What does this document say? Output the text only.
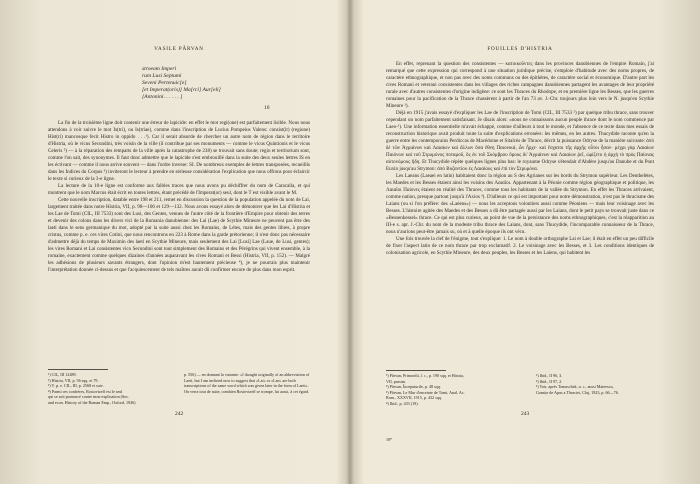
VASILE PÂRVAN
stroeam Imperi
rum Lusi Septumi
Seveni Pertenuic[e]
[et Imperat(oris)] Ma[rci] Aur[eli]
[Antonini. . . . . . ]
10

La fin de la troisième ligne doit contenir une érreur de lapicide: en effet le mot regi(one) est parfaitement lisible. Nous nous attendons à voir suivre le mot Is(tri), ou Is(triae), comme dans l'inscription de Lucius Pompeius Valens: consist(it) (regione) Hist(ri) mancosque fecit Histro in oppido . . .¹). Car il serait absurde de chercher un autre nom de région dans le territoire d'Histria, où le vicus Secundini, très voisin de la ville (il contribue par ses monuments — comme le vicus Quintionis et le vicus Celeris ²) — à la réparation des remparts de la ville après la catastrophe de 238) se trouvait sans doute; regio et territorium sont, comme l'on sait, des synonymes. Il faut donc admettre que le lapicide s'est embrouillé dans la suite des deux seules lettres IS en les écrivant — comme il nous arrive souvent — dans l'ordre inverse: SI. De nombreux exemples de lettres transposées, recueillis dans les Indices du Corpus ³) inviteront le lecteur à prendre en sérieuse considération l'explication que nous offrons pour éclaircir le texte si curieux de la 3-e ligne.

La lecture de la 10-e ligne est conforme aux faibles traces que nous avons pu déchiffrer du nom de Caracalla, et qui montrent que le nom Marcus était écrit en toutes lettres, étant précédé de l'Imperat(or) seul, dont le T est visible avant le M.

Cette nouvelle inscription, datable entre 198 et 211, remet en discussion la question de la population appelée du nom de Lai, largement traitée dans notre Histria, VII, p. 98—106 et 129—132. Nous avons essayé alors de démontrer que les Lai d'Histria et les Lae de Tomi (CIL, III 7533) sont des Lusi, des Gentes, venues de l'autre côté de la frontière d'Empire pour obtenir des terres et devenir des colons dans les divers vici de la Romania danubienne: des Lai (Lae) de Scythie Mineure ne peuvent pas être des laeti dans le sens germanique du mot, adopté par la suite aussi chez les Romains, de Létes, mais des gentes libres, à propre cristus, comme p. e. ces vires Cotini, que nous rencontrons en 223 à Rome dans la garde prétorienne; il n'est donc pas nécessaire d'admettre déjà du temps de Maximin des laeti en Scythie Mineure, mais seulement des Lai [Lusi] Lae (Laue, de Lusi, gentes); les vires Romani et Lai consistentes vico Secundini sont tout simplement des Romains et des Pérégrins qui vivent ensemble, à la romaine, exactement comme quelques dizaines d'années auparavant les cives Romani et Bessi (Histria, VII, p. 152). — Malgré les adhésions de plusieurs savants étrangers, dont l'opinion m'est hautement précieuse ⁴), je ne pourrais plus maintenir l'interprétation donnée ci-dessus et que l'acquiescement de tels maîtres aurait dû confirmer encore de plus dans mon esprit.

¹) CIL, III 12489.
²) Histria, VII, p. 56 sqq. et 79.
³) V. p. e. CIL, III, p. 2568 et suiv.
⁴) Parmi ces confrères, Rostovtzeff est le seul
qui se soit prononcé contre mon explication (Soc.
and econ. History of the Roman Emp., Oxford, 1926)
p. 556) — en donnant la variante: «I thought originally of an abbreviation of Laeti, but I am inclined now to suggest that «Lai» or «Lae» are both transcriptions of the same word which was given later in the form of Laeti». On verra tout de suite, combien Rostovtzeff se trompe, lui aussi, à cet égard.
242
FOUILLES D'HISTRIA

En effet, reprenant la question des consistentes — κατοικοῦντες dans les provinces danubiennes de l'empire Romain, j'ai remarqué que cette expression qui correspond à une situation juridique précise, s'emploie d'habitude avec des noms propres, de caractère ethnographique, et non pas avec des noms communs ou des épithètes, de caractère social et économique. D'autre part les cives Romani et veterani consistentes dans les villages des riches campagnes danubiennes partagent les avantages de leur propriété rurale avec d'autres consistentes d'origine indigène: ce sont les Thraces du Rhodope, et en première ligne les Besses, que les guerres romaines pour la pacification de la Thrace chassèrent à partir de l'an 73 av. J.-Chr. toujours plus loin vers le N. jusqu'en Scythie Mineure ¹).

Déjà en 1915 j'avais essayé d'expliquer les Lae de l'inscription de Tomi (CIL, III 7533 ²) par quelque tribu thrace, sans trouver cependant un nom parfaitement satisfaisant. Je disais alors: «nous ne connaissons aucun peuple thrace dont le nom commence par Laeo-¹). Une information essentielle m'avait échappé, comme d'ailleurs à tout le monde, et l'absence de ce texte dans mes essais de reconstruction historique avait produit toute la suite d'explications erronées: les mêmes, en les autres. Thucydide raconte qu'en la guerre entre les contemporains Perdiccas de Macédoine et Sitalcès de Thrace, décrit la puissance Odryse de la manière suivante: ἀπὸ δὲ τῶν Ἀγριάνων καὶ Λαιαίων καὶ ἄλλων ὅσα ἔθνη Παιονικά, ὧν ἦρχε· καὶ ἔσχατοι τῆς ἀρχῆς οὗτοι ἦσαν· μέχρι γὰρ Λαιαίων Παιόνων καὶ τοῦ Στρυμόνος ποταμοῦ, ὃς ἐκ τοῦ Σκόμβρου ὄρους δι' Ἀγριάνων καὶ Λαιαίων ῥεῖ, ὡρίζετο ἡ ἀρχὴ τὸ πρὸς Παίονας αὐτονόμους ἤδη. Et Thucydide répète quelques lignes plus bas: le royaume Odryse s'étendait d'Abdère jusqu'au Danube et du Pont Euxin jusqu'au Strymon: ἀπὸ Βυζαντίου ἐς Λαιαίους καὶ ἐπὶ τὸν Στρυμόνα.

Les Laeans (Laeaei en latin) habitaient donc la région au S des Agrianes sur les bords du Strymon supérieur. Les Denthelètes, les Maedes et les Besses étaient ainsi les voisins des Λαιαῖοι. Appartenant à la Péonie comme région géographique et politique, les Λαιαῖοι Παίονες étaient en réalité des Thraces, comme tous les habitants de la vallée du Strymon. En effet les Thraces arrivaient, comme nation, presque partout jusqu'à l'Axios ³). D'ailleurs ce qui est important pour notre démonstration, n'est pas le thracisme des Laians (ou si l'on préfère: des «Laéens») — nous les acceptons volontiers aussi comme Péoniens — mais leur voisinage avec les Besses. L'histoire agitée des Maedes et des Besses a dû être partagée aussi par les Laians, dont le petit pays se trouvait juste dans ce «Bessenkessel» thrace. Ce qui est plus curieux, au point de vue de la persistance des noms ethnographiques, c'est la réapparition au III-e s. apr. J.-Chr. du nom de la modeste tribu thrace des Laians, dont, sans Thucydide, l'incomparable connaisseur de la Thrace, nous n'aurions peut-être jamais su, où et à quelle époque ils ont vécu.

Une fois trouvée la clef de l'énigme, tout s'explique: 1. Le nom à double orthographe Lai et Lae; il était en effet un peu difficile de fixer l'aspect latin de ce nom thrace par trop exclamatif. 2. Le voisinage avec les Besses, et 3. Les conditions identiques de colonisation agricole, en Scythie Mineure, des deux peuples, les Besses et les Laiens, qui habitent les

¹) Pârvan, Primordii, l. c., p. 190 sqq. et Histria,
VII, passim.
²) Pârvan, Începuturile, p. 48 sqq.
³) Pârvan, Le Mur d'enceinte de Tomi, Anal. Ac.
Rom., XXXVII, 1915, p. 432 sqq.
⁴) Ibid., p. 433 (19).
¹) Ibid., II 96, 3.
²) Ibid., II 97, 2.
³) Voir, après Tomaschek, u. c., aussi Mateescu,
Granițe de Apus a Thraciei, Cluj, 1923, p. 66—76.
243
18*
